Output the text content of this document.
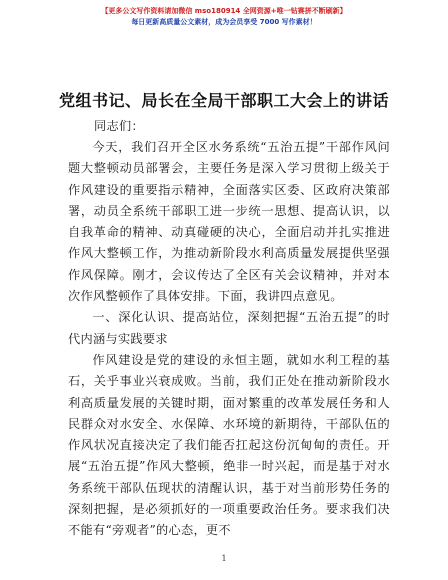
【更多公文写作资料请加微信 mso180914 全网资源+唯一钻赛拼不断刷新】
每日更新高质量公文素材，成为会员享受 7000 写作素材！
党组书记、局长在全局干部职工大会上的讲话
同志们：

今天，我们召开全区水务系统“五治五提”干部作风问题大整顿动员部署会，主要任务是深入学习贯彻上级关于作风建设的重要指示精神，全面落实区委、区政府决策部署，动员全系统干部职工进一步统一思想、提高认识，以自我革命的精神、动真碰硬的决心，全面启动并扎实推进作风大整顿工作，为推动新阶段水利高质量发展提供坚强作风保障。刚才，会议传达了全区有关会议精神，并对本次作风整顿作了具体安排。下面，我讲四点意见。

一、深化认识、提高站位，深刻把握“五治五提”的时代内涵与实践要求

作风建设是党的建设的永恒主题，就如水利工程的基石，关乎事业兴衰成败。当前，我们正处在推动新阶段水利高质量发展的关键时期，面对繁重的改革发展任务和人民群众对水安全、水保障、水环境的新期待，干部队伍的作风状况直接决定了我们能否扛起这份沉甸甸的责任。开展“五治五提”作风大整顿，绝非一时兴起，而是基于对水务系统干部队伍现状的清醒认识，基于对当前形势任务的深刻把握，是必须抓好的一项重要政治任务。要求我们决不能有“旁观者”的心态，更不

1
